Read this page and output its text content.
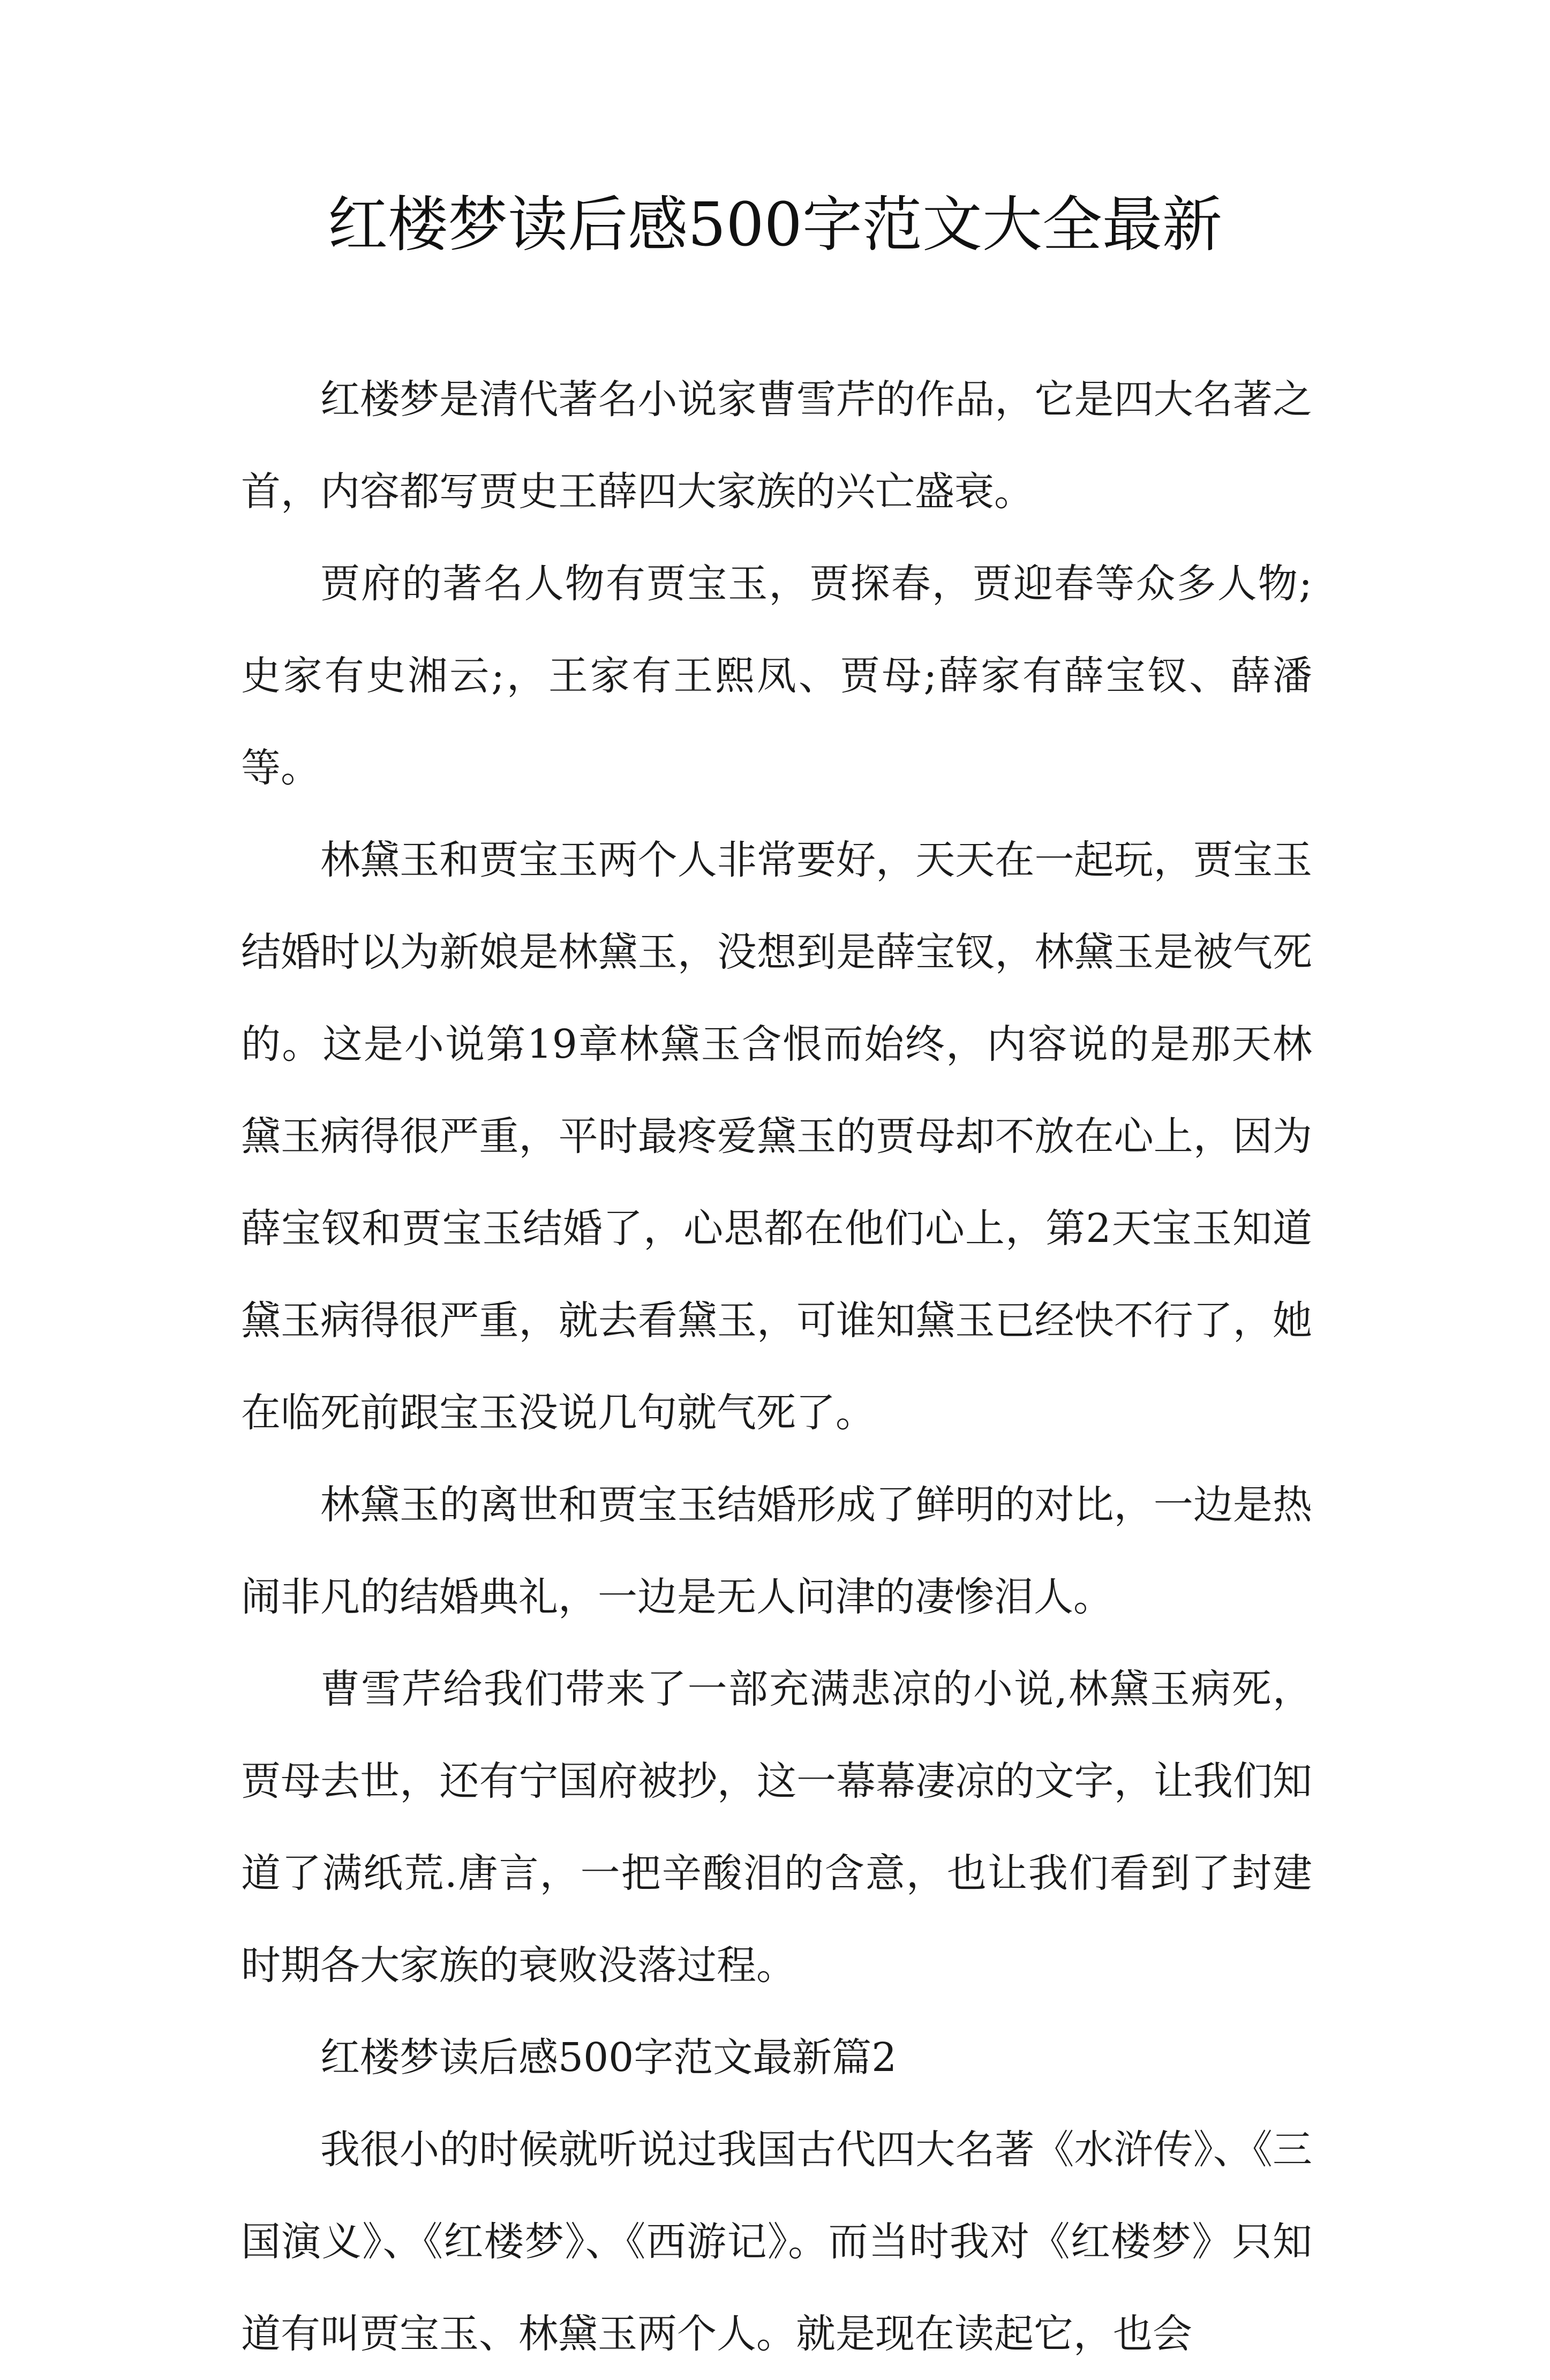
红楼梦读后感500字范文大全最新

红楼梦是清代著名小说家曹雪芹的作品，它是四大名著之首，内容都写贾史王薛四大家族的兴亡盛衰。

贾府的著名人物有贾宝玉，贾探春，贾迎春等众多人物;史家有史湘云;，王家有王熙凤、贾母;薛家有薛宝钗、薛潘等。

林黛玉和贾宝玉两个人非常要好，天天在一起玩，贾宝玉结婚时以为新娘是林黛玉，没想到是薛宝钗，林黛玉是被气死的。这是小说第19章林黛玉含恨而始终，内容说的是那天林黛玉病得很严重，平时最疼爱黛玉的贾母却不放在心上，因为薛宝钗和贾宝玉结婚了，心思都在他们心上，第2天宝玉知道黛玉病得很严重，就去看黛玉，可谁知黛玉已经快不行了，她在临死前跟宝玉没说几句就气死了。

林黛玉的离世和贾宝玉结婚形成了鲜明的对比，一边是热闹非凡的结婚典礼，一边是无人问津的凄惨泪人。

曹雪芹给我们带来了一部充满悲凉的小说,林黛玉病死，贾母去世，还有宁国府被抄，这一幕幕凄凉的文字，让我们知道了满纸荒.唐言，一把辛酸泪的含意，也让我们看到了封建时期各大家族的衰败没落过程。

红楼梦读后感500字范文最新篇2

我很小的时候就听说过我国古代四大名著《水浒传》、《三国演义》、《红楼梦》、《西游记》。而当时我对《红楼梦》只知道有叫贾宝玉、林黛玉两个人。就是现在读起它，也会
